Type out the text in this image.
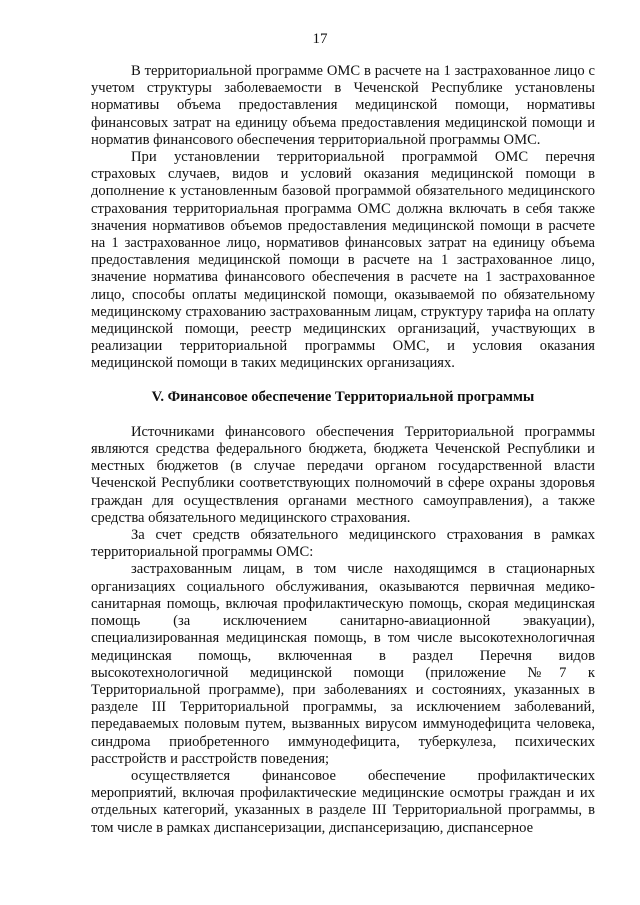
17

В территориальной программе ОМС в расчете на 1 застрахованное лицо с учетом структуры заболеваемости в Чеченской Республике установлены нормативы объема предоставления медицинской помощи, нормативы финансовых затрат на единицу объема предоставления медицинской помощи и норматив финансового обеспечения территориальной программы ОМС.

При установлении территориальной программой ОМС перечня страховых случаев, видов и условий оказания медицинской помощи в дополнение к установленным базовой программой обязательного медицинского страхования территориальная программа ОМС должна включать в себя также значения нормативов объемов предоставления медицинской помощи в расчете на 1 застрахованное лицо, нормативов финансовых затрат на единицу объема предоставления медицинской помощи в расчете на 1 застрахованное лицо, значение норматива финансового обеспечения в расчете на 1 застрахованное лицо, способы оплаты медицинской помощи, оказываемой по обязательному медицинскому страхованию застрахованным лицам, структуру тарифа на оплату медицинской помощи, реестр медицинских организаций, участвующих в реализации территориальной программы ОМС, и условия оказания медицинской помощи в таких медицинских организациях.

V. Финансовое обеспечение Территориальной программы

Источниками финансового обеспечения Территориальной программы являются средства федерального бюджета, бюджета Чеченской Республики и местных бюджетов (в случае передачи органом государственной власти Чеченской Республики соответствующих полномочий в сфере охраны здоровья граждан для осуществления органами местного самоуправления), а также средства обязательного медицинского страхования.

За счет средств обязательного медицинского страхования в рамках территориальной программы ОМС:

застрахованным лицам, в том числе находящимся в стационарных организациях социального обслуживания, оказываются первичная медико-санитарная помощь, включая профилактическую помощь, скорая медицинская помощь (за исключением санитарно-авиационной эвакуации), специализированная медицинская помощь, в том числе высокотехнологичная медицинская помощь, включенная в раздел Перечня видов высокотехнологичной медицинской помощи (приложение №7 к Территориальной программе), при заболеваниях и состояниях, указанных в разделе III Территориальной программы, за исключением заболеваний, передаваемых половым путем, вызванных вирусом иммунодефицита человека, синдрома приобретенного иммунодефицита, туберкулеза, психических расстройств и расстройств поведения;

осуществляется финансовое обеспечение профилактических мероприятий, включая профилактические медицинские осмотры граждан и их отдельных категорий, указанных в разделе III Территориальной программы, в том числе в рамках диспансеризации, диспансеризацию, диспансерное
